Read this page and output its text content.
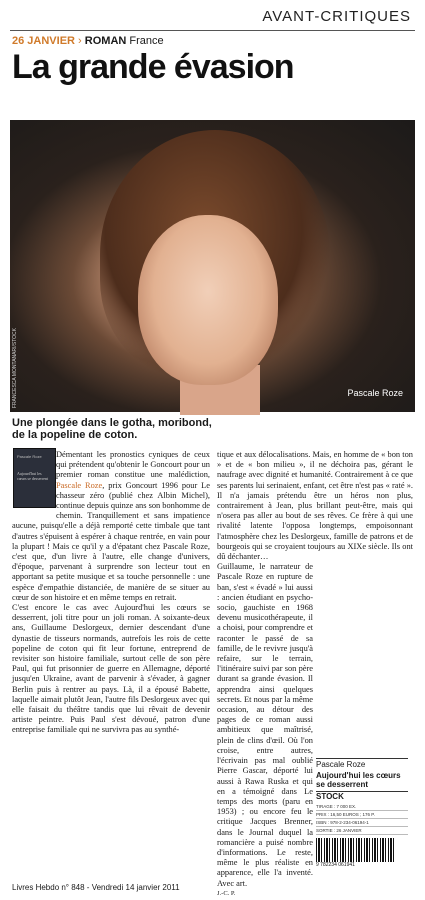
AVANT-CRITIQUES
26 JANVIER › ROMAN France
La grande évasion
FRANCESCA MONTANARI/STOCK	Pascale Roze
Une plongée dans le gotha, moribond, de la popeline de coton.
Pascale Roze
Aujourd'hui les cœurs se desserrent

Démentant les pronostics cyniques de ceux qui prétendent qu'obtenir le Goncourt pour un premier roman constitue une malédiction, Pascale Roze, prix Goncourt 1996 pour Le chasseur zéro (publié chez Albin Michel), continue depuis quinze ans son bonhomme de chemin. Tranquillement et sans impatience aucune, puisqu'elle a déjà remporté cette timbale que tant d'autres s'épuisent à espérer à chaque rentrée, en vain pour la plupart ! Mais ce qu'il y a d'épatant chez Pascale Roze, c'est que, d'un livre à l'autre, elle change d'univers, d'époque, parvenant à surprendre son lecteur tout en apportant sa petite musique et sa touche personnelle : une espèce d'empathie distanciée, de manière de se situer au cœur de son histoire et en même temps en retrait.

C'est encore le cas avec Aujourd'hui les cœurs se desserrent, joli titre pour un joli roman. A soixante-deux ans, Guillaume Deslorgeux, dernier descendant d'une dynastie de tisseurs normands, autrefois les rois de cette popeline de coton qui fit leur fortune, entreprend de revisiter son histoire familiale, surtout celle de son père Paul, qui fut prisonnier de guerre en Allemagne, déporté jusqu'en Ukraine, avant de parvenir à s'évader, à gagner Berlin puis à rentrer au pays. Là, il a épousé Babette, laquelle aimait plutôt Jean, l'autre fils Deslorgeux avec qui elle faisait du théâtre tandis que lui rêvait de devenir artiste peintre. Puis Paul s'est dévoué, patron d'une entreprise familiale qui ne survivra pas au synthé-

tique et aux délocalisations. Mais, en homme de « bon ton » et de « bon milieu », il ne déchoira pas, gérant le naufrage avec dignité et humanité. Contrairement à ce que ses parents lui serinaient, enfant, cet être n'est pas « raté ». Il n'a jamais prétendu être un héros non plus, contrairement à Jean, plus brillant peut-être, mais qui n'osera pas aller au bout de ses rêves. Ce frère à qui une rivalité latente l'opposa longtemps, empoisonnant l'atmosphère chez les Deslorgeux, famille de patrons et de bourgeois qui se croyaient toujours au XIXe siècle. Ils ont dû déchanter…

Guillaume, le narrateur de Pascale Roze en rupture de ban, s'est « évadé » lui aussi : ancien étudiant en psycho-socio, gauchiste en 1968 devenu musicothérapeute, il a choisi, pour comprendre et raconter le passé de sa famille, de le revivre jusqu'à refaire, sur le terrain, l'itinéraire suivi par son père durant sa grande évasion. Il apprendra ainsi quelques secrets. Et nous par la même occasion, au détour des pages de ce roman aussi ambitieux que maîtrisé, plein de clins d'œil. Où l'on croise, entre autres, l'écrivain pas mal oublié Pierre Gascar, déporté lui aussi à Rawa Ruska et qui en a témoigné dans Le temps des morts (paru en 1953) ; ou encore feu le critique Jacques Brenner, dans le Journal duquel la romancière a puisé nombre d'informations. Le reste, même le plus réaliste en apparence, elle l'a inventé. Avec art.

J.-C. P.

Pascale Roze
Aujourd'hui les cœurs se desserrent
STOCK
TIRAGE : 7 000 EX.
PRIX : 16,50 EUROS ; 176 P.
ISBN : 978-2-234-06194-1
SORTIE : 26 JANVIER
9 782234 061941
Livres Hebdo n° 848 - Vendredi 14 janvier 2011
